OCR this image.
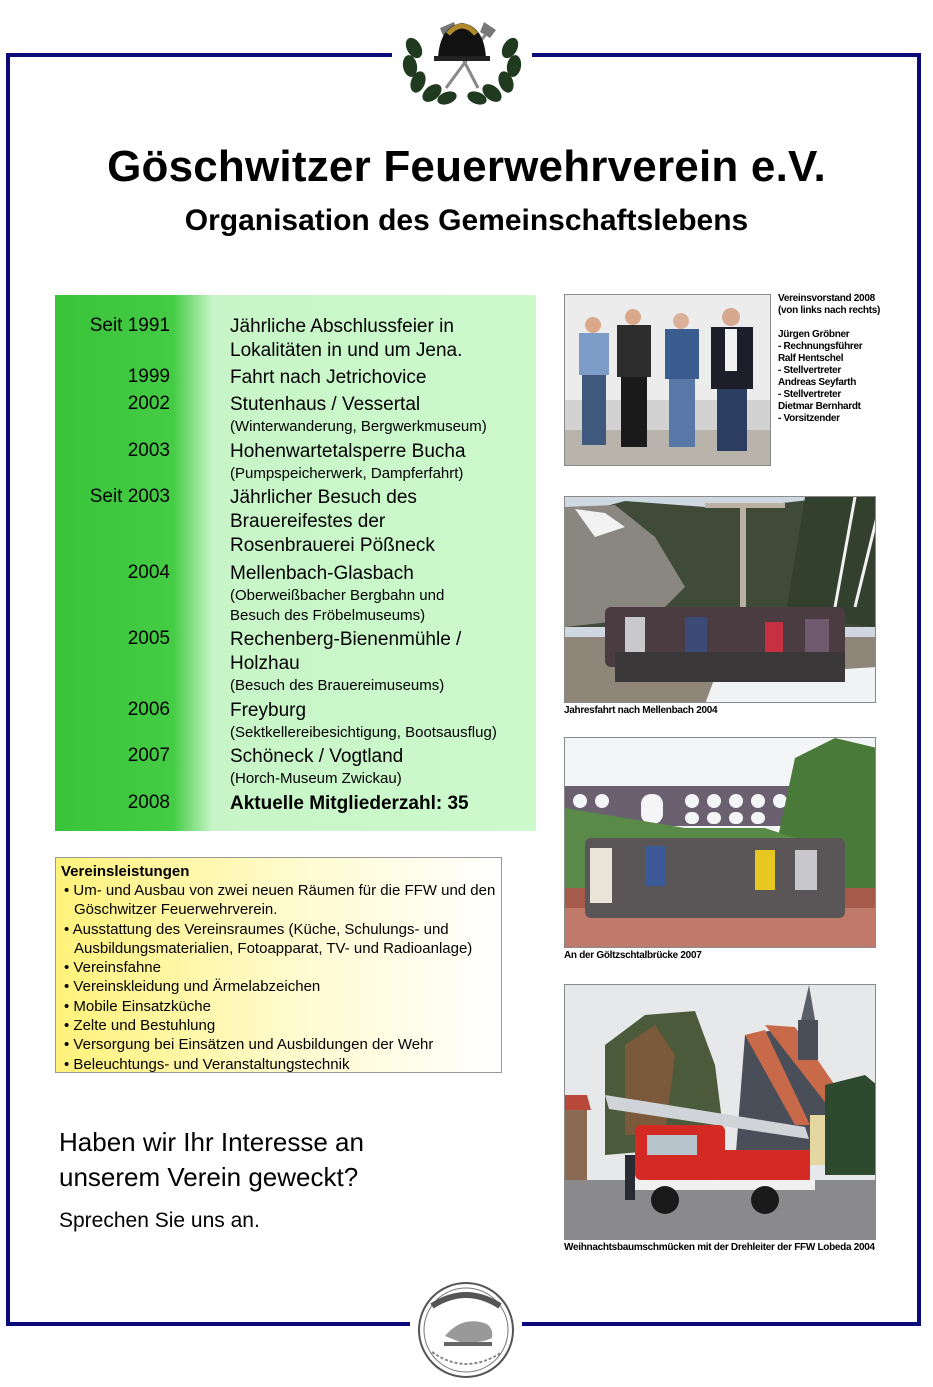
Göschwitzer Feuerwehrverein e.V.
Organisation des Gemeinschaftslebens
Seit 1991	Jährliche Abschlussfeier in
Lokalitäten in und um Jena.
1999	Fahrt nach Jetrichovice
2002	Stutenhaus / Vessertal
(Winterwanderung, Bergwerkmuseum)
2003	Hohenwartetalsperre Bucha
(Pumpspeicherwerk, Dampferfahrt)
Seit 2003	Jährlicher Besuch des
Brauereifestes der
Rosenbrauerei Pößneck
2004	Mellenbach-Glasbach
(Oberweißbacher Bergbahn und
Besuch des Fröbelmuseums)
2005	Rechenberg-Bienenmühle /
Holzhau
(Besuch des Brauereimuseums)
2006	Freyburg
(Sektkellereibesichtigung, Bootsausflug)
2007	Schöneck / Vogtland
(Horch-Museum Zwickau)
2008	Aktuelle Mitgliederzahl: 35
Vereinsleistungen
• Um- und Ausbau von zwei neuen Räumen für die FFW und den Göschwitzer Feuerwehrverein.
• Ausstattung des Vereinsraumes (Küche, Schulungs- und Ausbildungsmaterialien, Fotoapparat, TV- und Radioanlage)
• Vereinsfahne
• Vereinskleidung und Ärmelabzeichen
• Mobile Einsatzküche
• Zelte und Bestuhlung
• Versorgung bei Einsätzen und Ausbildungen der Wehr
• Beleuchtungs- und Veranstaltungstechnik
Haben wir Ihr Interesse an unserem Verein geweckt?
Sprechen Sie uns an.
Vereinsvorstand 2008
(von links nach rechts)
Jürgen Gröbner
- Rechnungsführer
Ralf Hentschel
- Stellvertreter
Andreas Seyfarth
- Stellvertreter
Dietmar Bernhardt
- Vorsitzender
Jahresfahrt nach Mellenbach 2004
An der Göltzschtalbrücke 2007
Weihnachtsbaumschmücken mit der Drehleiter der FFW Lobeda 2004
